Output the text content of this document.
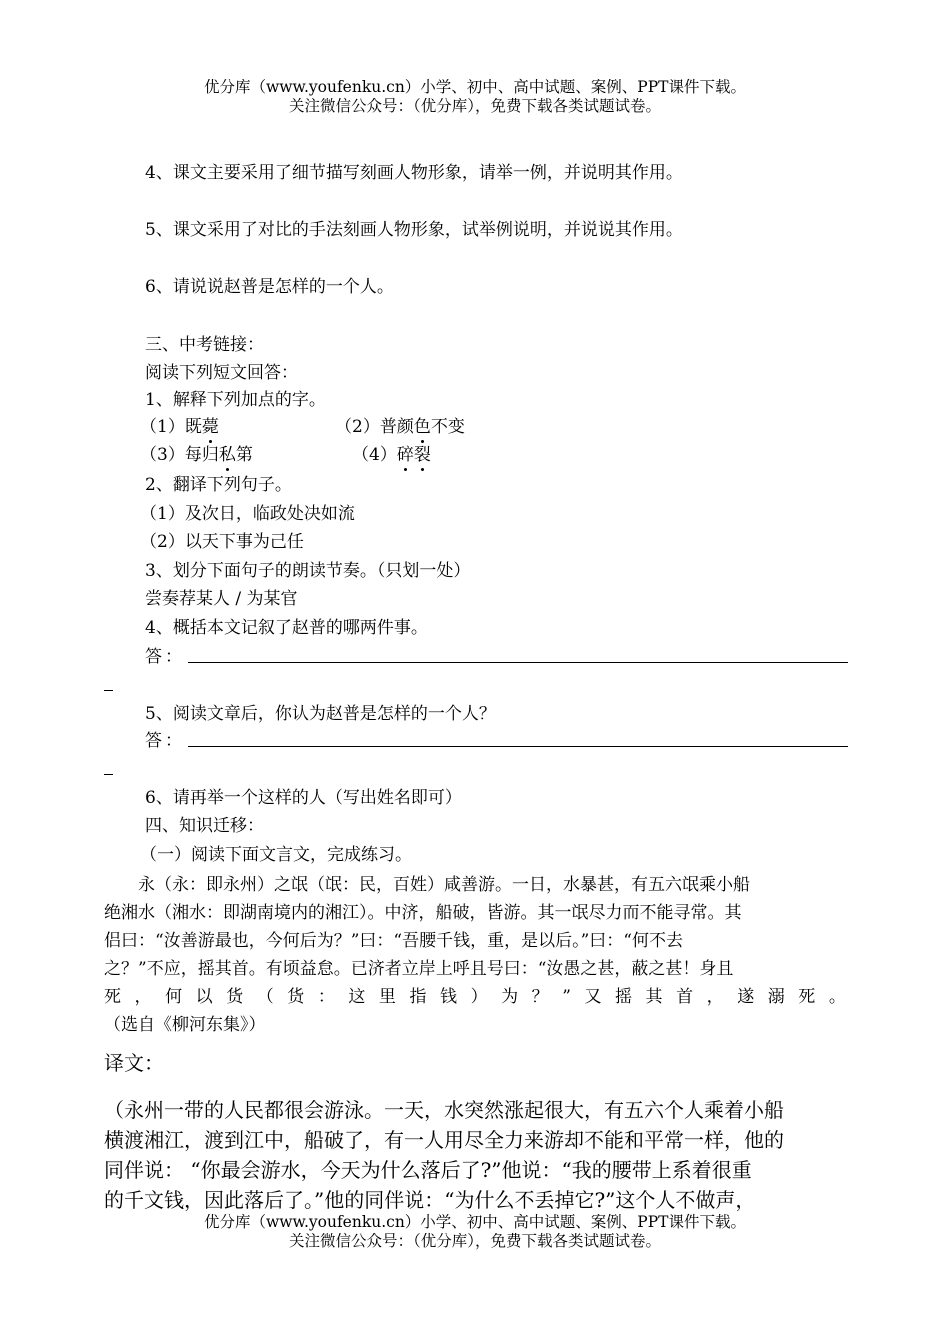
优分库（www.youfenku.cn）小学、初中、高中试题、案例、PPT课件下载。
关注微信公众号：（优分库），免费下载各类试题试卷。
4、课文主要采用了细节描写刻画人物形象，请举一例，并说明其作用。
5、课文采用了对比的手法刻画人物形象，试举例说明，并说说其作用。
6、请说说赵普是怎样的一个人。
三、中考链接：
阅读下列短文回答：
1、解释下列加点的字。
（1）既薨	（2）普颜色不变
（3）每归私第	（4）碎裂
2、翻译下列句子。
（1）及次日，临政处决如流
（2）以天下事为己任
3、划分下面句子的朗读节奏。（只划一处）
尝奏荐某人 / 为某官
4、概括本文记叙了赵普的哪两件事。
答：
5、阅读文章后，你认为赵普是怎样的一个人？
答：
6、请再举一个这样的人（写出姓名即可）
四、知识迁移：
（一）阅读下面文言文，完成练习。
　　永（永：即永州）之氓（氓：民，百姓）咸善游。一日，水暴甚，有五六氓乘小船
绝湘水（湘水：即湖南境内的湘江）。中济，船破，皆游。其一氓尽力而不能寻常。其
侣曰：“汝善游最也，今何后为？”曰：“吾腰千钱，重，是以后。”曰：“何不去
之？”不应，摇其首。有顷益怠。已济者立岸上呼且号曰：“汝愚之甚，蔽之甚！身且
死 ， 何 以 货 （ 货 ： 这 里 指 钱 ） 为 ？ ” 又 摇 其 首 ， 遂 溺 死 。
（选自《柳河东集》）
译文：
（永州一带的人民都很会游泳。一天，水突然涨起很大，有五六个人乘着小船
横渡湘江，渡到江中，船破了，有一人用尽全力来游却不能和平常一样，他的
同伴说： “你最会游水，今天为什么落后了?”他说：“我的腰带上系着很重
的千文钱，因此落后了。”他的同伴说：“为什么不丢掉它?”这个人不做声，
优分库（www.youfenku.cn）小学、初中、高中试题、案例、PPT课件下载。
关注微信公众号：（优分库），免费下载各类试题试卷。
